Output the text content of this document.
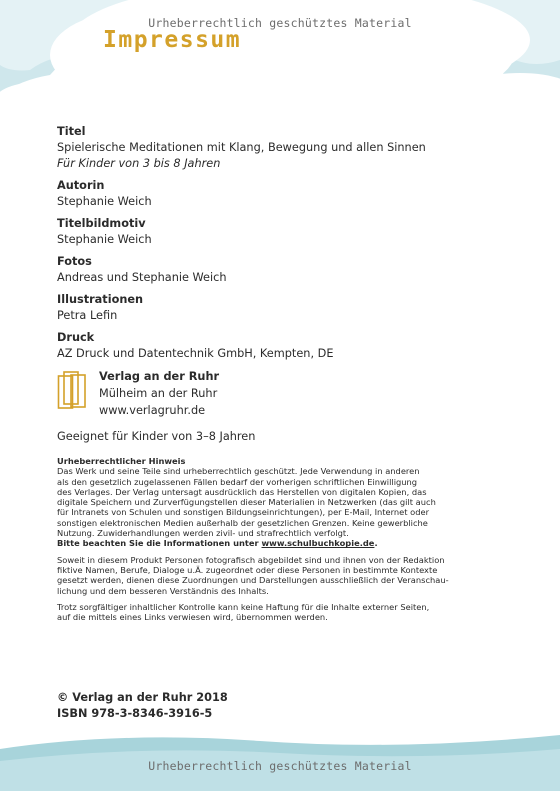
Urheberrechtlich geschütztes Material
Impressum

Titel

Spielerische Meditationen mit Klang, Bewegung und allen Sinnen

Für Kinder von 3 bis 8 Jahren

Autorin

Stephanie Weich

Titelbildmotiv

Stephanie Weich

Fotos

Andreas und Stephanie Weich

Illustrationen

Petra Lefin

Druck

AZ Druck und Datentechnik GmbH, Kempten, DE

Verlag an der Ruhr
Mülheim an der Ruhr
www.verlagruhr.de
Geeignet für Kinder von 3–8 Jahren

Urheberrechtlicher Hinweis

Das Werk und seine Teile sind urheberrechtlich geschützt. Jede Verwendung in anderen
als den gesetzlich zugelassenen Fällen bedarf der vorherigen schriftlichen Einwilligung
des Verlages. Der Verlag untersagt ausdrücklich das Herstellen von digitalen Kopien, das
digitale Speichern und Zurverfügungstellen dieser Materialien in Netzwerken (das gilt auch
für Intranets von Schulen und sonstigen Bildungseinrichtungen), per E-Mail, Internet oder
sonstigen elektronischen Medien außerhalb der gesetzlichen Grenzen. Keine gewerbliche
Nutzung. Zuwiderhandlungen werden zivil- und strafrechtlich verfolgt.
Bitte beachten Sie die Informationen unter www.schulbuchkopie.de.

Soweit in diesem Produkt Personen fotografisch abgebildet sind und ihnen von der Redaktion
fiktive Namen, Berufe, Dialoge u.Ä. zugeordnet oder diese Personen in bestimmte Kontexte
gesetzt werden, dienen diese Zuordnungen und Darstellungen ausschließlich der Veranschau-
lichung und dem besseren Verständnis des Inhalts.

Trotz sorgfältiger inhaltlicher Kontrolle kann keine Haftung für die Inhalte externer Seiten,
auf die mittels eines Links verwiesen wird, übernommen werden.

© Verlag an der Ruhr 2018
ISBN 978-3-8346-3916-5
Urheberrechtlich geschütztes Material
